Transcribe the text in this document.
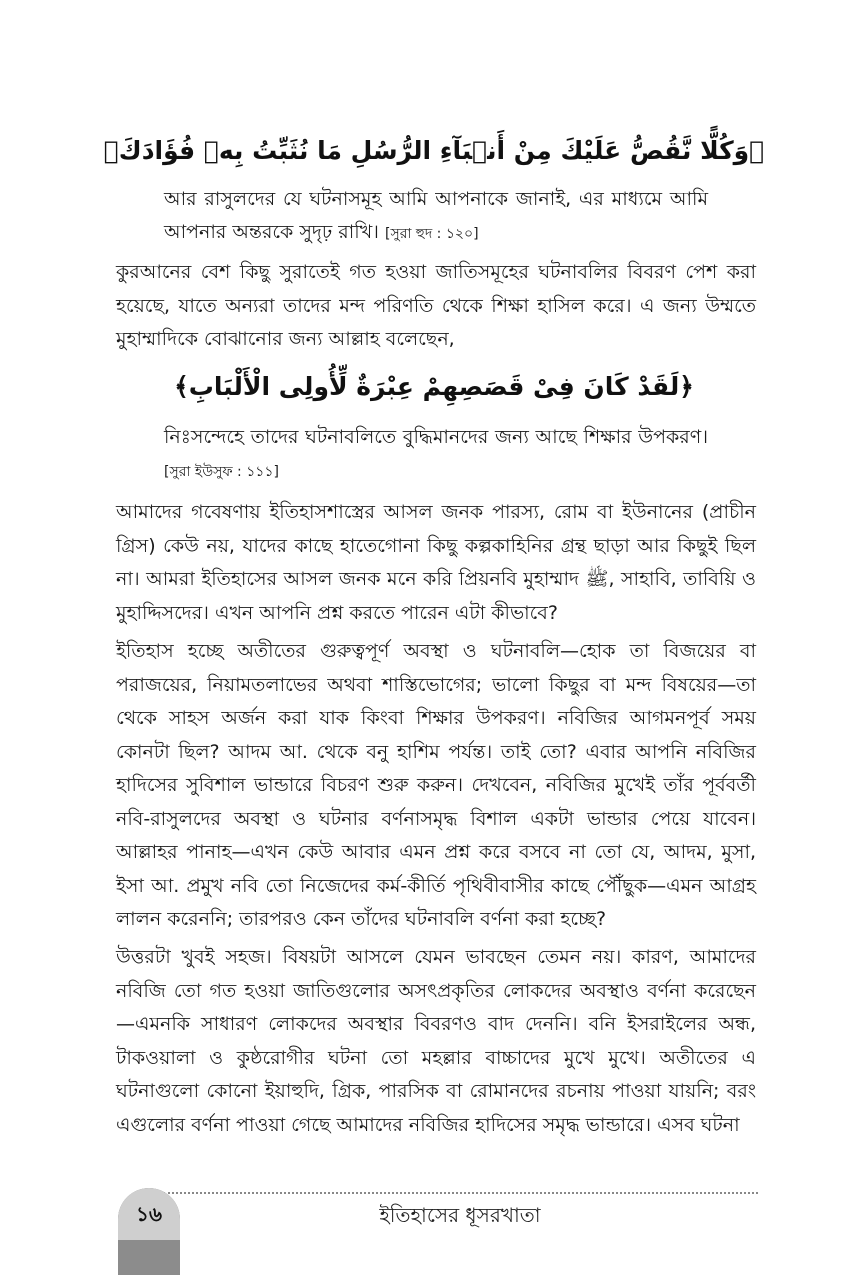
﴿وَكُلًّا نَّقُصُّ عَلَيْكَ مِنْ أَنۢبَآءِ الرُّسُلِ مَا نُثَبِّتُ بِهٖ فُؤَادَكَ﴾
আর রাসুলদের যে ঘটনাসমূহ আমি আপনাকে জানাই, এর মাধ্যমে আমি আপনার অন্তরকে সুদৃঢ় রাখি। [সুরা হুদ : ১২০]
কুরআনের বেশ কিছু সুরাতেই গত হওয়া জাতিসমূহের ঘটনাবলির বিবরণ পেশ করা হয়েছে, যাতে অন্যরা তাদের মন্দ পরিণতি থেকে শিক্ষা হাসিল করে। এ জন্য উম্মতে মুহাম্মাদিকে বোঝানোর জন্য আল্লাহ বলেছেন,
﴿لَقَدْ كَانَ فِىْ قَصَصِهِمْ عِبْرَةٌ لِّأُولِى الْأَلْبَابِ﴾
নিঃসন্দেহে তাদের ঘটনাবলিতে বুদ্ধিমানদের জন্য আছে শিক্ষার উপকরণ। [সুরা ইউসুফ : ১১১]
আমাদের গবেষণায় ইতিহাসশাস্ত্রের আসল জনক পারস্য, রোম বা ইউনানের (প্রাচীন গ্রিস) কেউ নয়, যাদের কাছে হাতেগোনা কিছু কল্পকাহিনির গ্রন্থ ছাড়া আর কিছুই ছিল না। আমরা ইতিহাসের আসল জনক মনে করি প্রিয়নবি মুহাম্মাদ ﷺ, সাহাবি, তাবিয়ি ও মুহাদ্দিসদের। এখন আপনি প্রশ্ন করতে পারেন এটা কীভাবে?
ইতিহাস হচ্ছে অতীতের গুরুত্বপূর্ণ অবস্থা ও ঘটনাবলি—হোক তা বিজয়ের বা পরাজয়ের, নিয়ামতলাভের অথবা শাস্তিভোগের; ভালো কিছুর বা মন্দ বিষয়ের—তা থেকে সাহস অর্জন করা যাক কিংবা শিক্ষার উপকরণ। নবিজির আগমনপূর্ব সময় কোনটা ছিল? আদম আ. থেকে বনু হাশিম পর্যন্ত। তাই তো? এবার আপনি নবিজির হাদিসের সুবিশাল ভান্ডারে বিচরণ শুরু করুন। দেখবেন, নবিজির মুখেই তাঁর পূর্ববর্তী নবি-রাসুলদের অবস্থা ও ঘটনার বর্ণনাসমৃদ্ধ বিশাল একটা ভান্ডার পেয়ে যাবেন। আল্লাহর পানাহ—এখন কেউ আবার এমন প্রশ্ন করে বসবে না তো যে, আদম, মুসা, ইসা আ. প্রমুখ নবি তো নিজেদের কর্ম-কীর্তি পৃথিবীবাসীর কাছে পৌঁছুক—এমন আগ্রহ লালন করেননি; তারপরও কেন তাঁদের ঘটনাবলি বর্ণনা করা হচ্ছে?
উত্তরটা খুবই সহজ। বিষয়টা আসলে যেমন ভাবছেন তেমন নয়। কারণ, আমাদের নবিজি তো গত হওয়া জাতিগুলোর অসৎপ্রকৃতির লোকদের অবস্থাও বর্ণনা করেছেন—এমনকি সাধারণ লোকদের অবস্থার বিবরণও বাদ দেননি। বনি ইসরাইলের অন্ধ, টাকওয়ালা ও কুষ্ঠরোগীর ঘটনা তো মহল্লার বাচ্চাদের মুখে মুখে। অতীতের এ ঘটনাগুলো কোনো ইয়াহুদি, গ্রিক, পারসিক বা রোমানদের রচনায় পাওয়া যায়নি; বরং এগুলোর বর্ণনা পাওয়া গেছে আমাদের নবিজির হাদিসের সমৃদ্ধ ভান্ডারে। এসব ঘটনা
১৬	ইতিহাসের ধূসরখাতা
